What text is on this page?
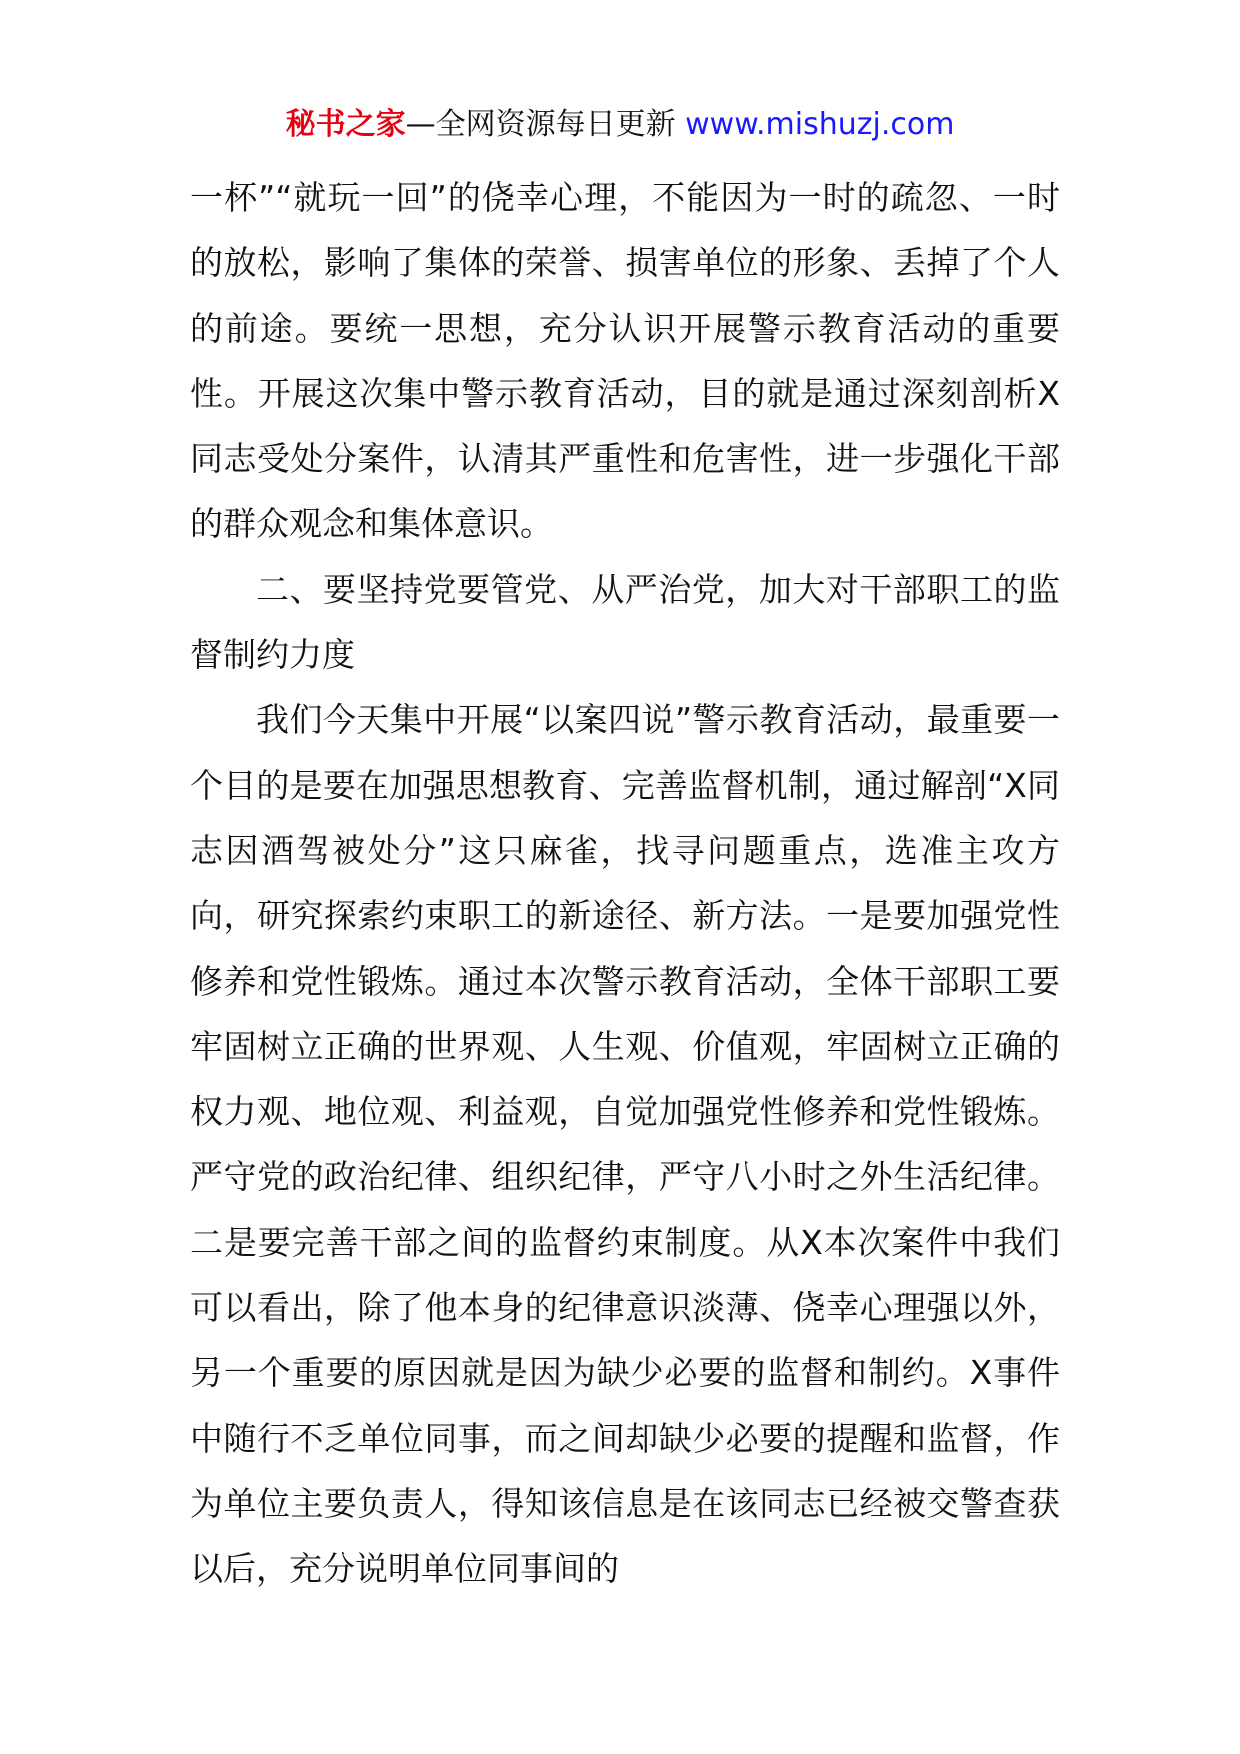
秘书之家—全网资源每日更新 www.mishuzj.com

一杯”“就玩一回”的侥幸心理，不能因为一时的疏忽、一时的放松，影响了集体的荣誉、损害单位的形象、丢掉了个人的前途。要统一思想，充分认识开展警示教育活动的重要性。开展这次集中警示教育活动，目的就是通过深刻剖析X同志受处分案件，认清其严重性和危害性，进一步强化干部的群众观念和集体意识。

二、要坚持党要管党、从严治党，加大对干部职工的监督制约力度

我们今天集中开展“以案四说”警示教育活动，最重要一个目的是要在加强思想教育、完善监督机制，通过解剖“X同志因酒驾被处分”这只麻雀，找寻问题重点，选准主攻方向，研究探索约束职工的新途径、新方法。一是要加强党性修养和党性锻炼。通过本次警示教育活动，全体干部职工要牢固树立正确的世界观、人生观、价值观，牢固树立正确的权力观、地位观、利益观，自觉加强党性修养和党性锻炼。严守党的政治纪律、组织纪律，严守八小时之外生活纪律。二是要完善干部之间的监督约束制度。从X本次案件中我们可以看出，除了他本身的纪律意识淡薄、侥幸心理强以外，另一个重要的原因就是因为缺少必要的监督和制约。X事件中随行不乏单位同事，而之间却缺少必要的提醒和监督，作为单位主要负责人，得知该信息是在该同志已经被交警查获以后，充分说明单位同事间的
